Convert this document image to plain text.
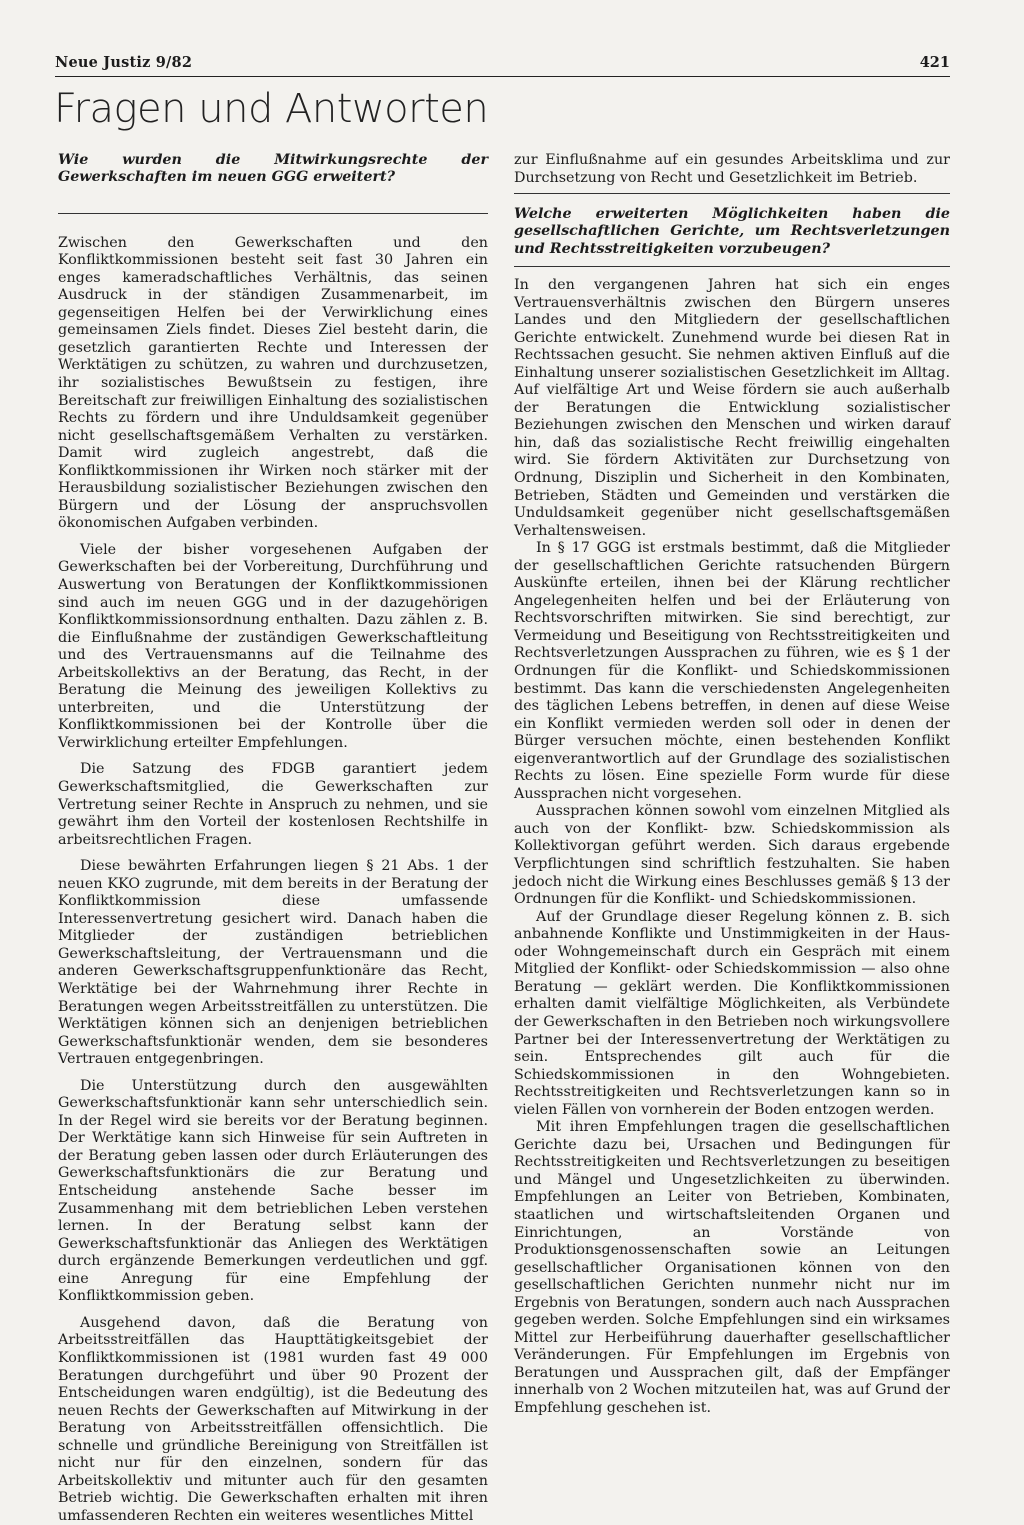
Neue Justiz 9/82	421
Fragen und Antworten

Wie wurden die Mitwirkungsrechte der Gewerkschaften im neuen GGG erweitert?

Zwischen den Gewerkschaften und den Konfliktkommissionen besteht seit fast 30 Jahren ein enges kameradschaftliches Verhältnis, das seinen Ausdruck in der ständigen Zusammenarbeit, im gegenseitigen Helfen bei der Verwirklichung eines gemeinsamen Ziels findet. Dieses Ziel besteht darin, die gesetzlich garantierten Rechte und Interessen der Werktätigen zu schützen, zu wahren und durchzusetzen, ihr sozialistisches Bewußtsein zu festigen, ihre Bereitschaft zur freiwilligen Einhaltung des sozialistischen Rechts zu fördern und ihre Unduldsamkeit gegenüber nicht gesellschaftsgemäßem Verhalten zu verstärken. Damit wird zugleich angestrebt, daß die Konfliktkommissionen ihr Wirken noch stärker mit der Herausbildung sozialistischer Beziehungen zwischen den Bürgern und der Lösung der anspruchsvollen ökonomischen Aufgaben verbinden.

Viele der bisher vorgesehenen Aufgaben der Gewerkschaften bei der Vorbereitung, Durchführung und Auswertung von Beratungen der Konfliktkommissionen sind auch im neuen GGG und in der dazugehörigen Konfliktkommissionsordnung enthalten. Dazu zählen z. B. die Einflußnahme der zuständigen Gewerkschaftleitung und des Vertrauensmanns auf die Teilnahme des Arbeitskollektivs an der Beratung, das Recht, in der Beratung die Meinung des jeweiligen Kollektivs zu unterbreiten, und die Unterstützung der Konfliktkommissionen bei der Kontrolle über die Verwirklichung erteilter Empfehlungen.

Die Satzung des FDGB garantiert jedem Gewerkschaftsmitglied, die Gewerkschaften zur Vertretung seiner Rechte in Anspruch zu nehmen, und sie gewährt ihm den Vorteil der kostenlosen Rechtshilfe in arbeitsrechtlichen Fragen.

Diese bewährten Erfahrungen liegen § 21 Abs. 1 der neuen KKO zugrunde, mit dem bereits in der Beratung der Konfliktkommission diese umfassende Interessenvertretung gesichert wird. Danach haben die Mitglieder der zuständigen betrieblichen Gewerkschaftsleitung, der Vertrauensmann und die anderen Gewerkschaftsgruppenfunktionäre das Recht, Werktätige bei der Wahrnehmung ihrer Rechte in Beratungen wegen Arbeitsstreitfällen zu unterstützen. Die Werktätigen können sich an denjenigen betrieblichen Gewerkschaftsfunktionär wenden, dem sie besonderes Vertrauen entgegenbringen.

Die Unterstützung durch den ausgewählten Gewerkschaftsfunktionär kann sehr unterschiedlich sein. In der Regel wird sie bereits vor der Beratung beginnen. Der Werktätige kann sich Hinweise für sein Auftreten in der Beratung geben lassen oder durch Erläuterungen des Gewerkschaftsfunktionärs die zur Beratung und Entscheidung anstehende Sache besser im Zusammenhang mit dem betrieblichen Leben verstehen lernen. In der Beratung selbst kann der Gewerkschaftsfunktionär das Anliegen des Werktätigen durch ergänzende Bemerkungen verdeutlichen und ggf. eine Anregung für eine Empfehlung der Konfliktkommission geben.

Ausgehend davon, daß die Beratung von Arbeitsstreitfällen das Haupttätigkeitsgebiet der Konfliktkommissionen ist (1981 wurden fast 49 000 Beratungen durchgeführt und über 90 Prozent der Entscheidungen waren endgültig), ist die Bedeutung des neuen Rechts der Gewerkschaften auf Mitwirkung in der Beratung von Arbeitsstreitfällen offensichtlich. Die schnelle und gründliche Bereinigung von Streitfällen ist nicht nur für den einzelnen, sondern für das Arbeitskollektiv und mitunter auch für den gesamten Betrieb wichtig. Die Gewerkschaften erhalten mit ihren umfassenderen Rechten ein weiteres wesentliches Mittel

zur Einflußnahme auf ein gesundes Arbeitsklima und zur Durchsetzung von Recht und Gesetzlichkeit im Betrieb.

Welche erweiterten Möglichkeiten haben die gesellschaftlichen Gerichte, um Rechtsverletzungen und Rechtsstreitigkeiten vorzubeugen?

In den vergangenen Jahren hat sich ein enges Vertrauensverhältnis zwischen den Bürgern unseres Landes und den Mitgliedern der gesellschaftlichen Gerichte entwickelt. Zunehmend wurde bei diesen Rat in Rechtssachen gesucht. Sie nehmen aktiven Einfluß auf die Einhaltung unserer sozialistischen Gesetzlichkeit im Alltag. Auf vielfältige Art und Weise fördern sie auch außerhalb der Beratungen die Entwicklung sozialistischer Beziehungen zwischen den Menschen und wirken darauf hin, daß das sozialistische Recht freiwillig eingehalten wird. Sie fördern Aktivitäten zur Durchsetzung von Ordnung, Disziplin und Sicherheit in den Kombinaten, Betrieben, Städten und Gemeinden und verstärken die Unduldsamkeit gegenüber nicht gesellschaftsgemäßen Verhaltensweisen.

In § 17 GGG ist erstmals bestimmt, daß die Mitglieder der gesellschaftlichen Gerichte ratsuchenden Bürgern Auskünfte erteilen, ihnen bei der Klärung rechtlicher Angelegenheiten helfen und bei der Erläuterung von Rechtsvorschriften mitwirken. Sie sind berechtigt, zur Vermeidung und Beseitigung von Rechtsstreitigkeiten und Rechtsverletzungen Aussprachen zu führen, wie es § 1 der Ordnungen für die Konflikt- und Schiedskommissionen bestimmt. Das kann die verschiedensten Angelegenheiten des täglichen Lebens betreffen, in denen auf diese Weise ein Konflikt vermieden werden soll oder in denen der Bürger versuchen möchte, einen bestehenden Konflikt eigenverantwortlich auf der Grundlage des sozialistischen Rechts zu lösen. Eine spezielle Form wurde für diese Aussprachen nicht vorgesehen.

Aussprachen können sowohl vom einzelnen Mitglied als auch von der Konflikt- bzw. Schiedskommission als Kollektivorgan geführt werden. Sich daraus ergebende Verpflichtungen sind schriftlich festzuhalten. Sie haben jedoch nicht die Wirkung eines Beschlusses gemäß § 13 der Ordnungen für die Konflikt- und Schiedskommissionen.

Auf der Grundlage dieser Regelung können z. B. sich anbahnende Konflikte und Unstimmigkeiten in der Haus- oder Wohngemeinschaft durch ein Gespräch mit einem Mitglied der Konflikt- oder Schiedskommission — also ohne Beratung — geklärt werden. Die Konfliktkommissionen erhalten damit vielfältige Möglichkeiten, als Verbündete der Gewerkschaften in den Betrieben noch wirkungsvollere Partner bei der Interessenvertretung der Werktätigen zu sein. Entsprechendes gilt auch für die Schiedskommissionen in den Wohngebieten. Rechtsstreitigkeiten und Rechtsverletzungen kann so in vielen Fällen von vornherein der Boden entzogen werden.

Mit ihren Empfehlungen tragen die gesellschaftlichen Gerichte dazu bei, Ursachen und Bedingungen für Rechtsstreitigkeiten und Rechtsverletzungen zu beseitigen und Mängel und Ungesetzlichkeiten zu überwinden. Empfehlungen an Leiter von Betrieben, Kombinaten, staatlichen und wirtschaftsleitenden Organen und Einrichtungen, an Vorstände von Produktionsgenossenschaften sowie an Leitungen gesellschaftlicher Organisationen können von den gesellschaftlichen Gerichten nunmehr nicht nur im Ergebnis von Beratungen, sondern auch nach Aussprachen gegeben werden. Solche Empfehlungen sind ein wirksames Mittel zur Herbeiführung dauerhafter gesellschaftlicher Veränderungen. Für Empfehlungen im Ergebnis von Beratungen und Aussprachen gilt, daß der Empfänger innerhalb von 2 Wochen mitzuteilen hat, was auf Grund der Empfehlung geschehen ist.
